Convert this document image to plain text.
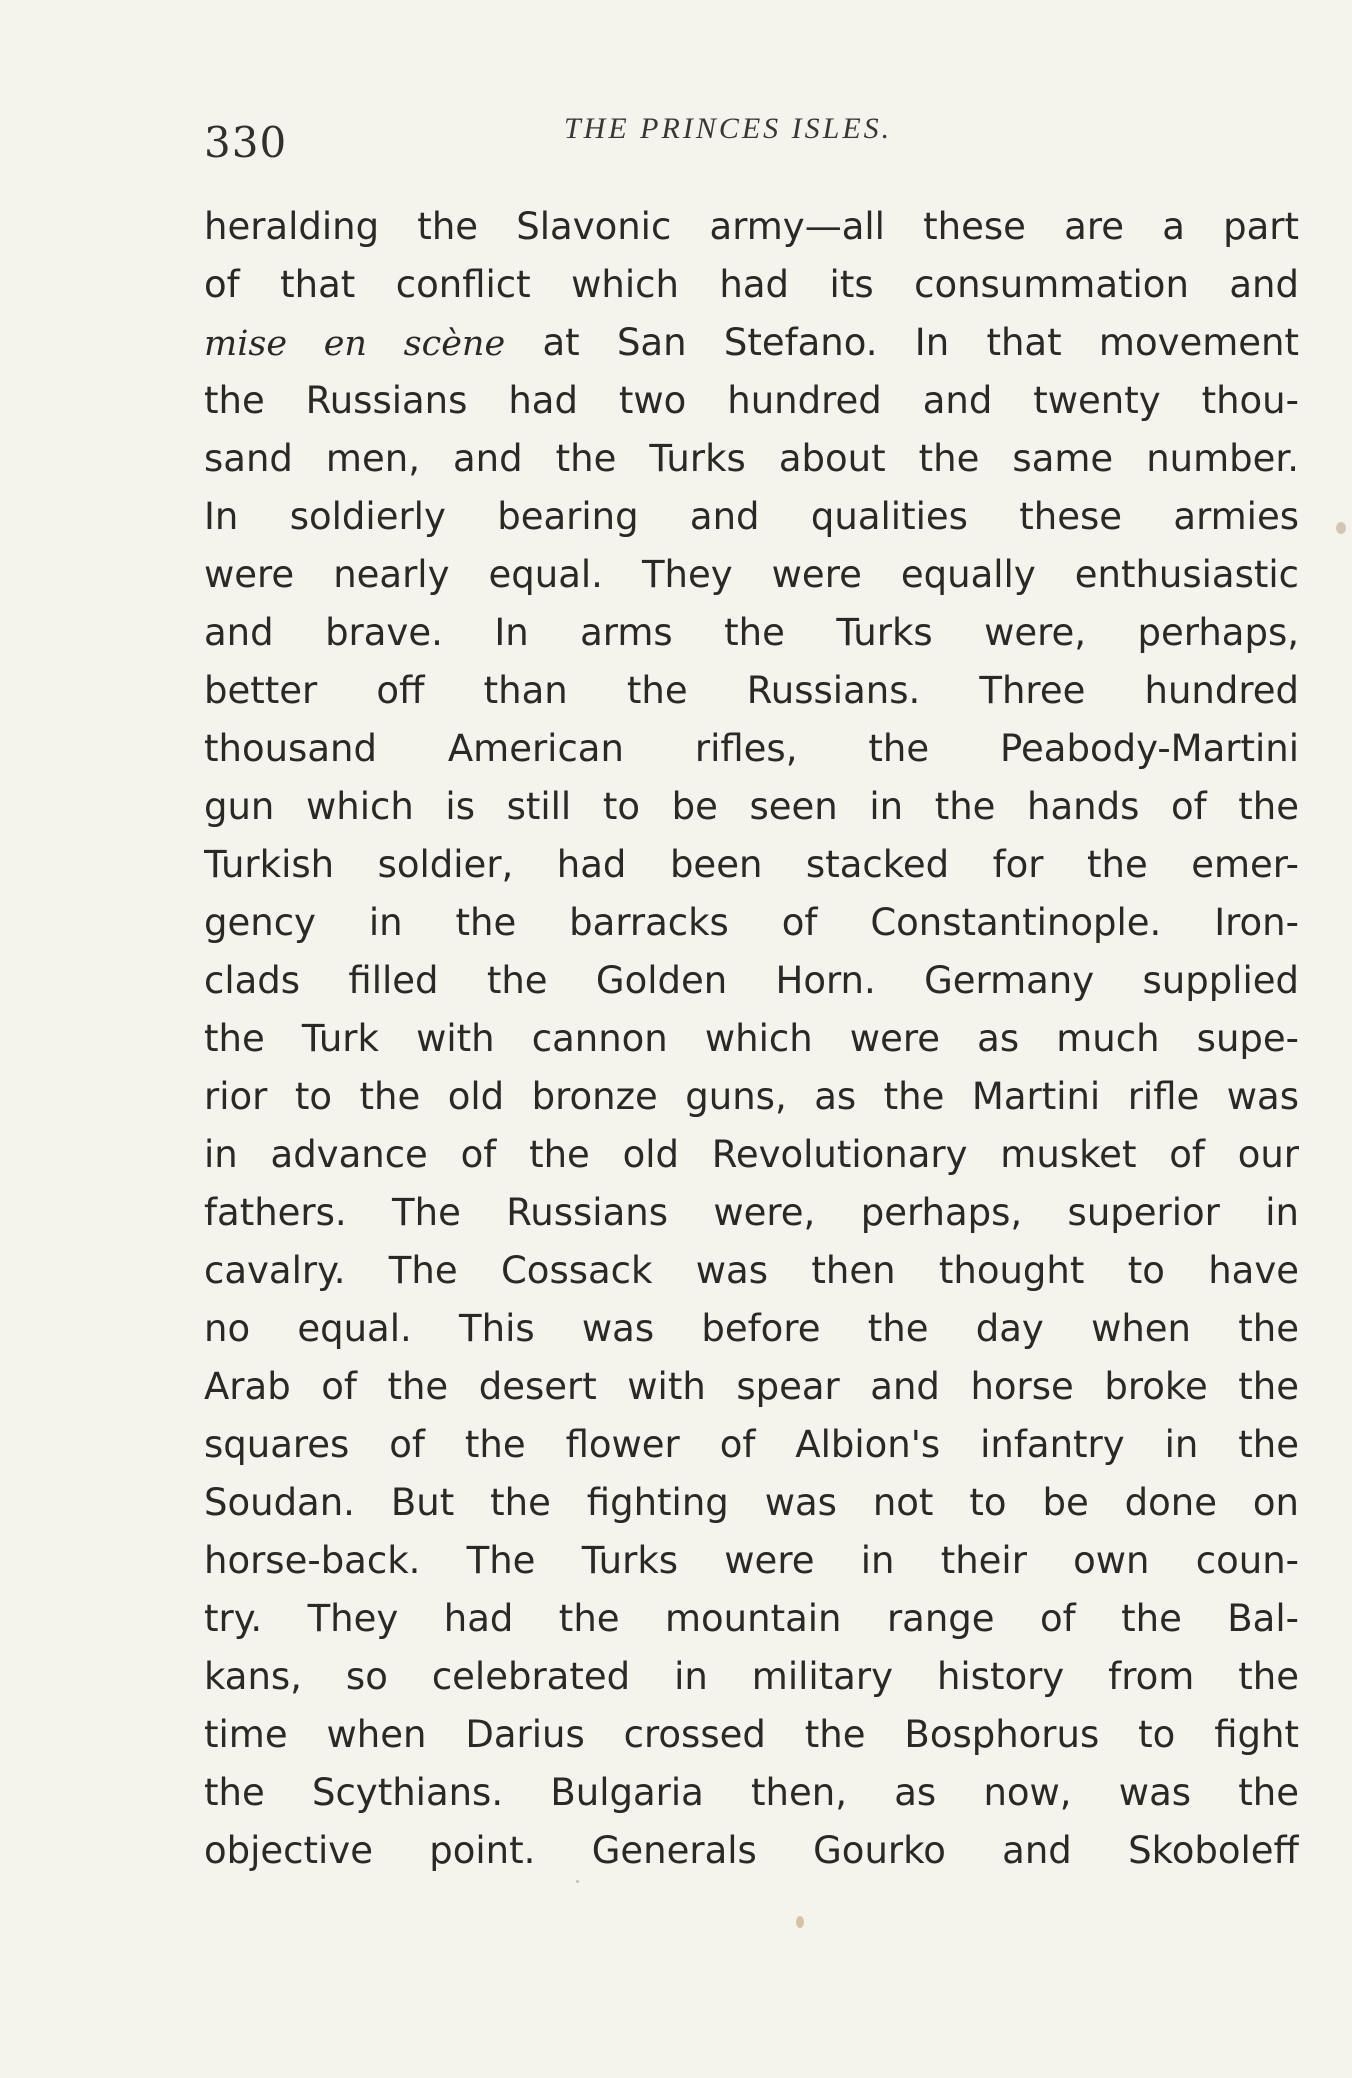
330	THE PRINCES ISLES.
heralding the Slavonic army—all these are a part
of that conflict which had its consummation and
mise en scène at San Stefano. In that movement
the Russians had two hundred and twenty thou-
sand men, and the Turks about the same number.
In soldierly bearing and qualities these armies
were nearly equal. They were equally enthusiastic
and brave. In arms the Turks were, perhaps,
better off than the Russians. Three hundred
thousand American rifles, the Peabody-Martini
gun which is still to be seen in the hands of the
Turkish soldier, had been stacked for the emer-
gency in the barracks of Constantinople. Iron-
clads filled the Golden Horn. Germany supplied
the Turk with cannon which were as much supe-
rior to the old bronze guns, as the Martini rifle was
in advance of the old Revolutionary musket of our
fathers. The Russians were, perhaps, superior in
cavalry. The Cossack was then thought to have
no equal. This was before the day when the
Arab of the desert with spear and horse broke the
squares of the flower of Albion's infantry in the
Soudan. But the fighting was not to be done on
horse-back. The Turks were in their own coun-
try. They had the mountain range of the Bal-
kans, so celebrated in military history from the
time when Darius crossed the Bosphorus to fight
the Scythians. Bulgaria then, as now, was the
objective point. Generals Gourko and Skoboleff
